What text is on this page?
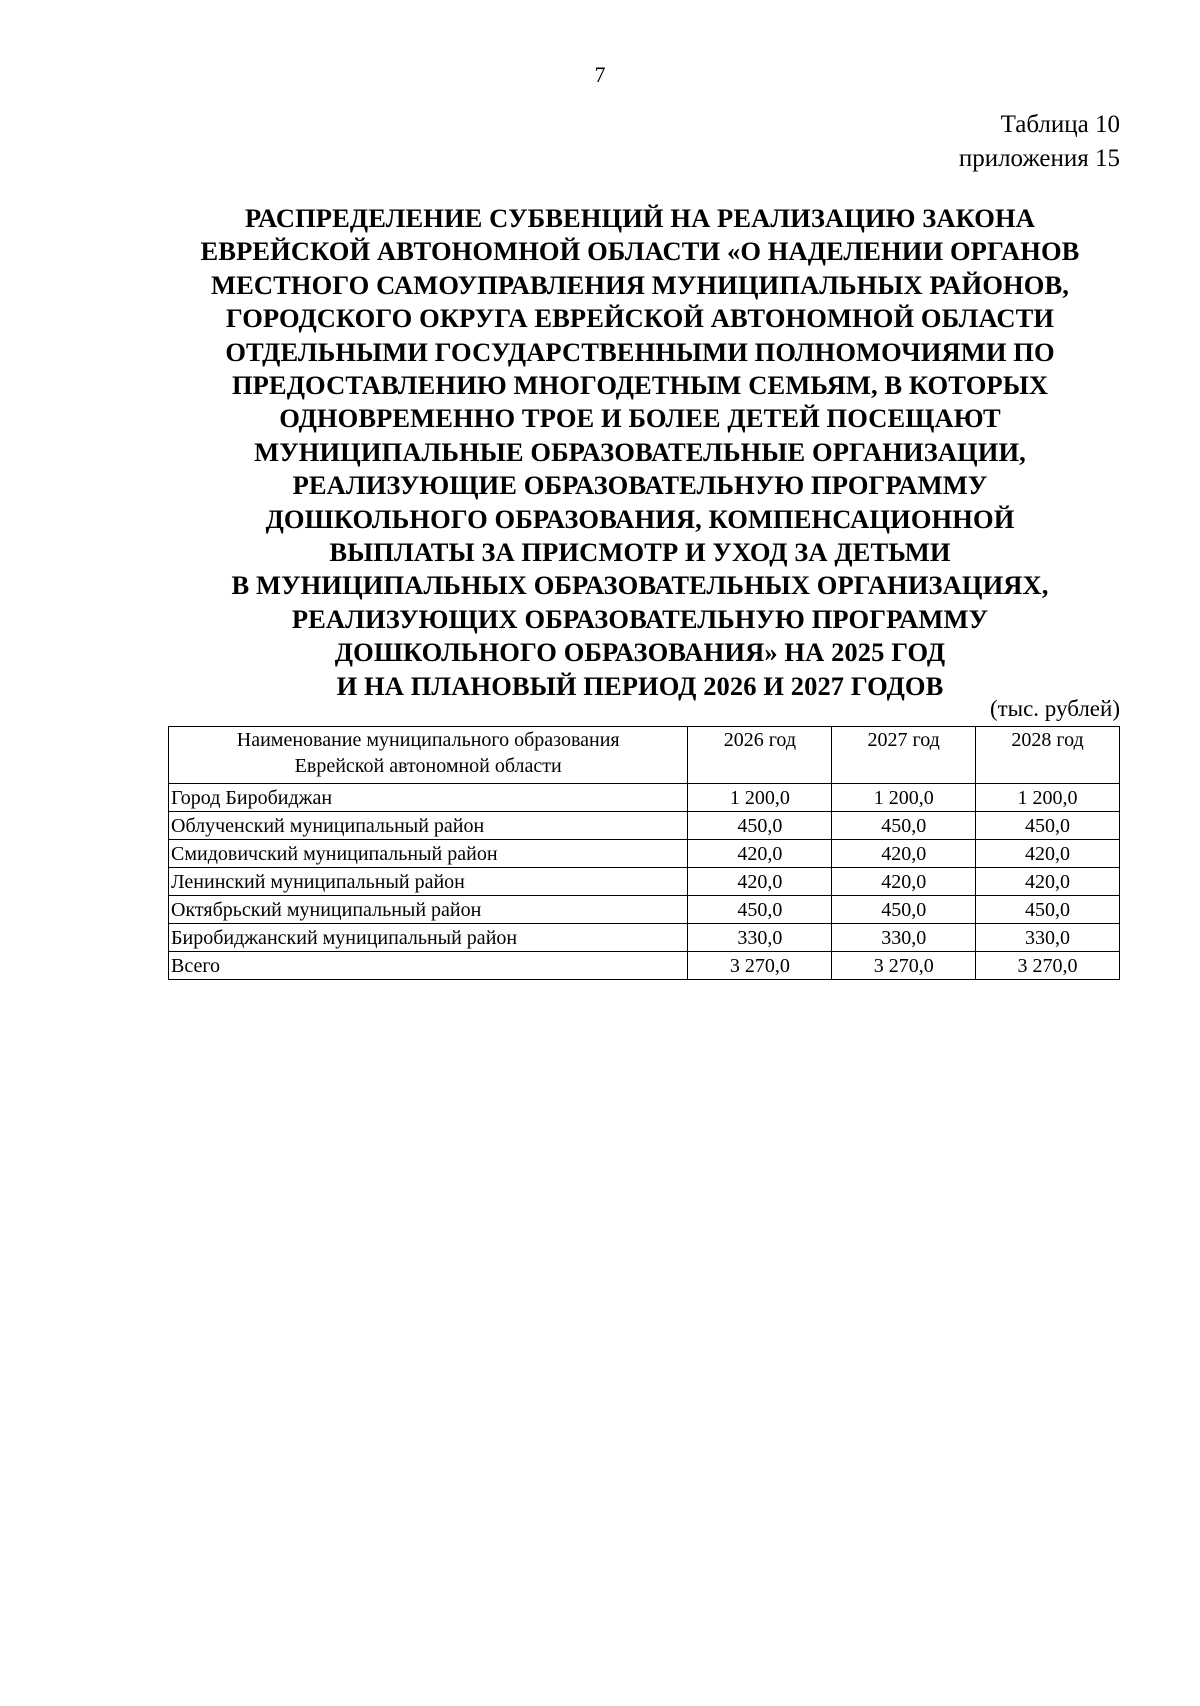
7
Таблица 10
приложения 15
РАСПРЕДЕЛЕНИЕ СУБВЕНЦИЙ НА РЕАЛИЗАЦИЮ ЗАКОНА
ЕВРЕЙСКОЙ АВТОНОМНОЙ ОБЛАСТИ «О НАДЕЛЕНИИ ОРГАНОВ
МЕСТНОГО САМОУПРАВЛЕНИЯ МУНИЦИПАЛЬНЫХ РАЙОНОВ,
ГОРОДСКОГО ОКРУГА ЕВРЕЙСКОЙ АВТОНОМНОЙ ОБЛАСТИ
ОТДЕЛЬНЫМИ ГОСУДАРСТВЕННЫМИ ПОЛНОМОЧИЯМИ ПО
ПРЕДОСТАВЛЕНИЮ МНОГОДЕТНЫМ СЕМЬЯМ, В КОТОРЫХ
ОДНОВРЕМЕННО ТРОЕ И БОЛЕЕ ДЕТЕЙ ПОСЕЩАЮТ
МУНИЦИПАЛЬНЫЕ ОБРАЗОВАТЕЛЬНЫЕ ОРГАНИЗАЦИИ,
РЕАЛИЗУЮЩИЕ ОБРАЗОВАТЕЛЬНУЮ ПРОГРАММУ
ДОШКОЛЬНОГО ОБРАЗОВАНИЯ, КОМПЕНСАЦИОННОЙ
ВЫПЛАТЫ ЗА ПРИСМОТР И УХОД ЗА ДЕТЬМИ
В МУНИЦИПАЛЬНЫХ ОБРАЗОВАТЕЛЬНЫХ ОРГАНИЗАЦИЯХ,
РЕАЛИЗУЮЩИХ ОБРАЗОВАТЕЛЬНУЮ ПРОГРАММУ
ДОШКОЛЬНОГО ОБРАЗОВАНИЯ» НА 2025 ГОД
И НА ПЛАНОВЫЙ ПЕРИОД 2026 И 2027 ГОДОВ
(тыс. рублей)
Наименование муниципального образования
Еврейской автономной области	2026 год	2027 год	2028 год
Город Биробиджан	1 200,0	1 200,0	1 200,0
Облученский муниципальный район	450,0	450,0	450,0
Смидовичский муниципальный район	420,0	420,0	420,0
Ленинский муниципальный район	420,0	420,0	420,0
Октябрьский муниципальный район	450,0	450,0	450,0
Биробиджанский муниципальный район	330,0	330,0	330,0
Всего	3 270,0	3 270,0	3 270,0
